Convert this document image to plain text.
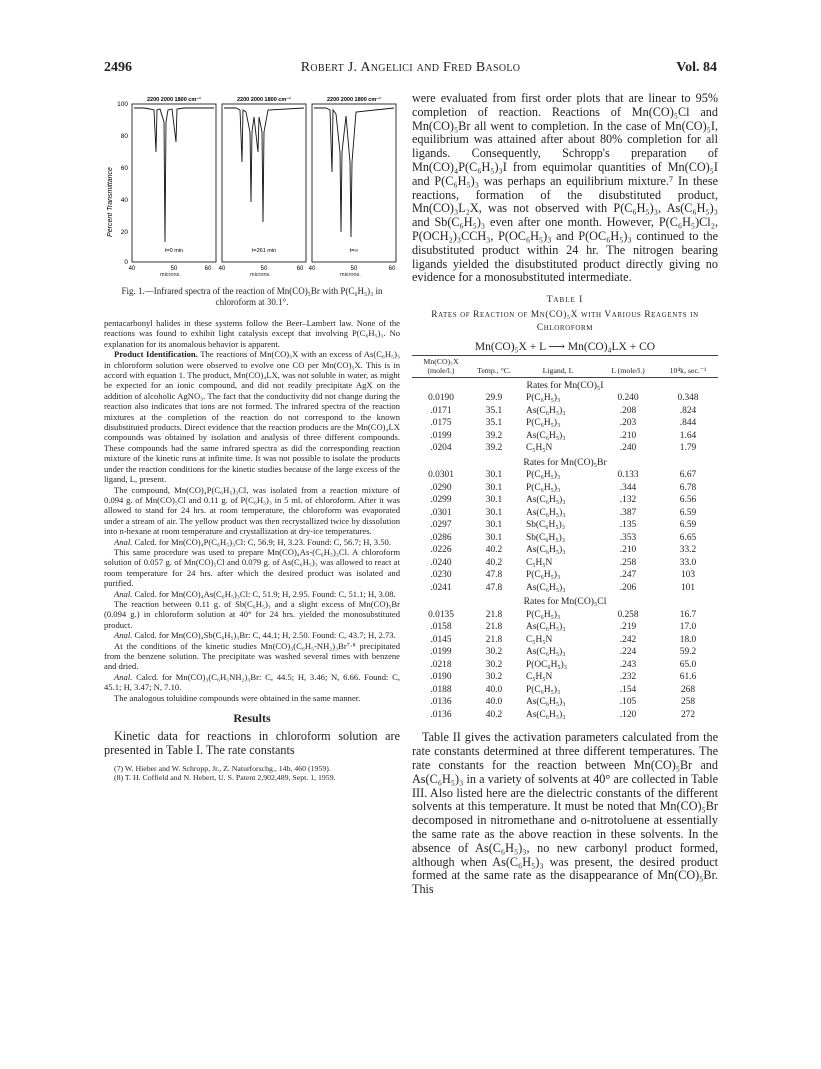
2496	Robert J. Angelici and Fred Basolo	Vol. 84
Percent Transmittance
100
80
60
40
20
0
2200 2000 1800 cm⁻¹
t=0 min
40	50	60
2200 2000 1800 cm⁻¹
t=261 min
40	50	60
2200 2000 1800 cm⁻¹
t=∞
40	50	60
microns.	microns.	microns.

Fig. 1.—Infrared spectra of the reaction of Mn(CO)₅Br with P(C₆H₅)₃ in chloroform at 30.1°.

pentacarbonyl halides in these systems follow the Beer–Lambert law. None of the reactions was found to exhibit light catalysis except that involving P(C₆H₅)₃. No explanation for its anomalous behavior is apparent.

Product Identification. The reactions of Mn(CO)₅X with an excess of As(C₆H₅)₃ in chloroform solution were observed to evolve one CO per Mn(CO)₅X. This is in accord with equation 1. The product, Mn(CO)₄LX, was not soluble in water, as might be expected for an ionic compound, and did not readily precipitate AgX on the addition of alcoholic AgNO₃. The fact that the conductivity did not change during the reaction also indicates that ions are not formed. The infrared spectra of the reaction mixtures at the completion of the reaction do not correspond to the known disubstituted products. Direct evidence that the reaction products are the Mn(CO)₄LX compounds was obtained by isolation and analysis of three different compounds. These compounds had the same infrared spectra as did the corresponding reaction mixture of the kinetic runs at infinite time. It was not possible to isolate the products under the reaction conditions for the kinetic studies because of the large excess of the ligand, L, present.

The compound, Mn(CO)₄P(C₆H₅)₃Cl, was isolated from a reaction mixture of 0.094 g. of Mn(CO)₅Cl and 0.11 g. of P(C₆H₅)₃ in 5 ml. of chloroform. After it was allowed to stand for 24 hrs. at room temperature, the chloroform was evaporated under a stream of air. The yellow product was then recrystallized twice by dissolution into n-hexane at room temperature and crystallization at dry-ice temperatures.

Anal. Calcd. for Mn(CO)₄P(C₆H₅)₃Cl: C, 56.9; H, 3.23. Found: C, 56.7; H, 3.50.

This same procedure was used to prepare Mn(CO)₄As-(C₆H₅)₃Cl. A chloroform solution of 0.057 g. of Mn(CO)₅Cl and 0.079 g. of As(C₆H₅)₃ was allowed to react at room temperature for 24 hrs. after which the desired product was isolated and purified.

Anal. Calcd. for Mn(CO)₄As(C₆H₅)₃Cl: C, 51.9; H, 2.95. Found: C, 51.1; H, 3.08.

The reaction between 0.11 g. of Sb(C₆H₅)₃ and a slight excess of Mn(CO)₅Br (0.094 g.) in chloroform solution at 40° for 24 hrs. yielded the monosubstituted product.

Anal. Calcd. for Mn(CO)₄Sb(C₆H₅)₃Br: C, 44.1; H, 2.50. Found: C, 43.7; H, 2.73.

At the conditions of the kinetic studies Mn(CO)₃(C₆H₅-NH₂)₃Br⁷·⁸ precipitated from the benzene solution. The precipitate was washed several times with benzene and dried.

Anal. Calcd. for Mn(CO)₃(C₆H₅NH₂)₃Br: C, 44.5; H, 3.46; N, 6.66. Found: C, 45.1; H, 3.47; N, 7.10.

The analogous toluidine compounds were obtained in the same manner.

Results

Kinetic data for reactions in chloroform solution are presented in Table I. The rate constants

(7) W. Hieber and W. Schropp, Jr., Z. Naturforschg., 14b, 460 (1959).

(8) T. H. Coffield and N. Hebert, U. S. Patent 2,902,489, Sept. 1, 1959.

were evaluated from first order plots that are linear to 95% completion of reaction. Reactions of Mn(CO)₅Cl and Mn(CO)₅Br all went to completion. In the case of Mn(CO)₅I, equilibrium was attained after about 80% completion for all ligands. Consequently, Schropp's preparation of Mn(CO)₄P(C₆H₅)₃I from equimolar quantities of Mn(CO)₅I and P(C₆H₅)₃ was perhaps an equilibrium mixture.⁷ In these reactions, formation of the disubstituted product, Mn(CO)₃L₂X, was not observed with P(C₆H₅)₃, As(C₆H₅)₃ and Sb(C₆H₅)₃ even after one month. However, P(C₆H₅)Cl₂, P(OCH₂)₃CCH₃, P(OC₆H₅)₃ and P(OC₆H₅)₃ continued to the disubstituted product within 24 hr. The nitrogen bearing ligands yielded the disubstituted product directly giving no evidence for a monosubstituted intermediate.

Table I
Rates of Reaction of Mn(CO)₅X with Various Reagents in Chloroform
Mn(CO)₅X + L ⟶ Mn(CO)₄LX + CO
Mn(CO)₅X (mole/l.)	Temp., °C.	Ligand, L	L (mole/l.)	10⁴k, sec.⁻¹
Rates for Mn(CO)₅I				
0.0190	29.9	P(C₆H₅)₃	0.240	0.348
.0171	35.1	As(C₆H₅)₃	.208	.824
.0175	35.1	P(C₆H₅)₃	.203	.844
.0199	39.2	As(C₆H₅)₃	.210	1.64
.0204	39.2	C₅H₅N	.240	1.79
Rates for Mn(CO)₅Br				
0.0301	30.1	P(C₆H₅)₃	0.133	6.67
.0290	30.1	P(C₆H₅)₃	.344	6.78
.0299	30.1	As(C₆H₅)₃	.132	6.56
.0301	30.1	As(C₆H₅)₃	.387	6.59
.0297	30.1	Sb(C₆H₅)₃	.135	6.59
.0286	30.1	Sb(C₆H₅)₃	.353	6.65
.0226	40.2	As(C₆H₅)₃	.210	33.2
.0240	40.2	C₅H₅N	.258	33.0
.0230	47.8	P(C₆H₅)₃	.247	103
.0241	47.8	As(C₆H₅)₃	.206	101
Rates for Mn(CO)₅Cl				
0.0135	21.8	P(C₆H₅)₃	0.258	16.7
.0158	21.8	As(C₆H₅)₃	.219	17.0
.0145	21.8	C₅H₅N	.242	18.0
.0199	30.2	As(C₆H₅)₃	.224	59.2
.0218	30.2	P(OC₆H₅)₃	.243	65.0
.0190	30.2	C₅H₅N	.232	61.6
.0188	40.0	P(C₆H₅)₃	.154	268
.0136	40.0	As(C₆H₅)₃	.105	258
.0136	40.2	As(C₆H₅)₃	.120	272

Table II gives the activation parameters calculated from the rate constants determined at three different temperatures. The rate constants for the reaction between Mn(CO)₅Br and As(C₆H₅)₃ in a variety of solvents at 40° are collected in Table III. Also listed here are the dielectric constants of the different solvents at this temperature. It must be noted that Mn(CO)₅Br decomposed in nitromethane and o-nitrotoluene at essentially the same rate as the above reaction in these solvents. In the absence of As(C₆H₅)₃, no new carbonyl product formed, although when As(C₆H₅)₃ was present, the desired product formed at the same rate as the disappearance of Mn(CO)₅Br. This
